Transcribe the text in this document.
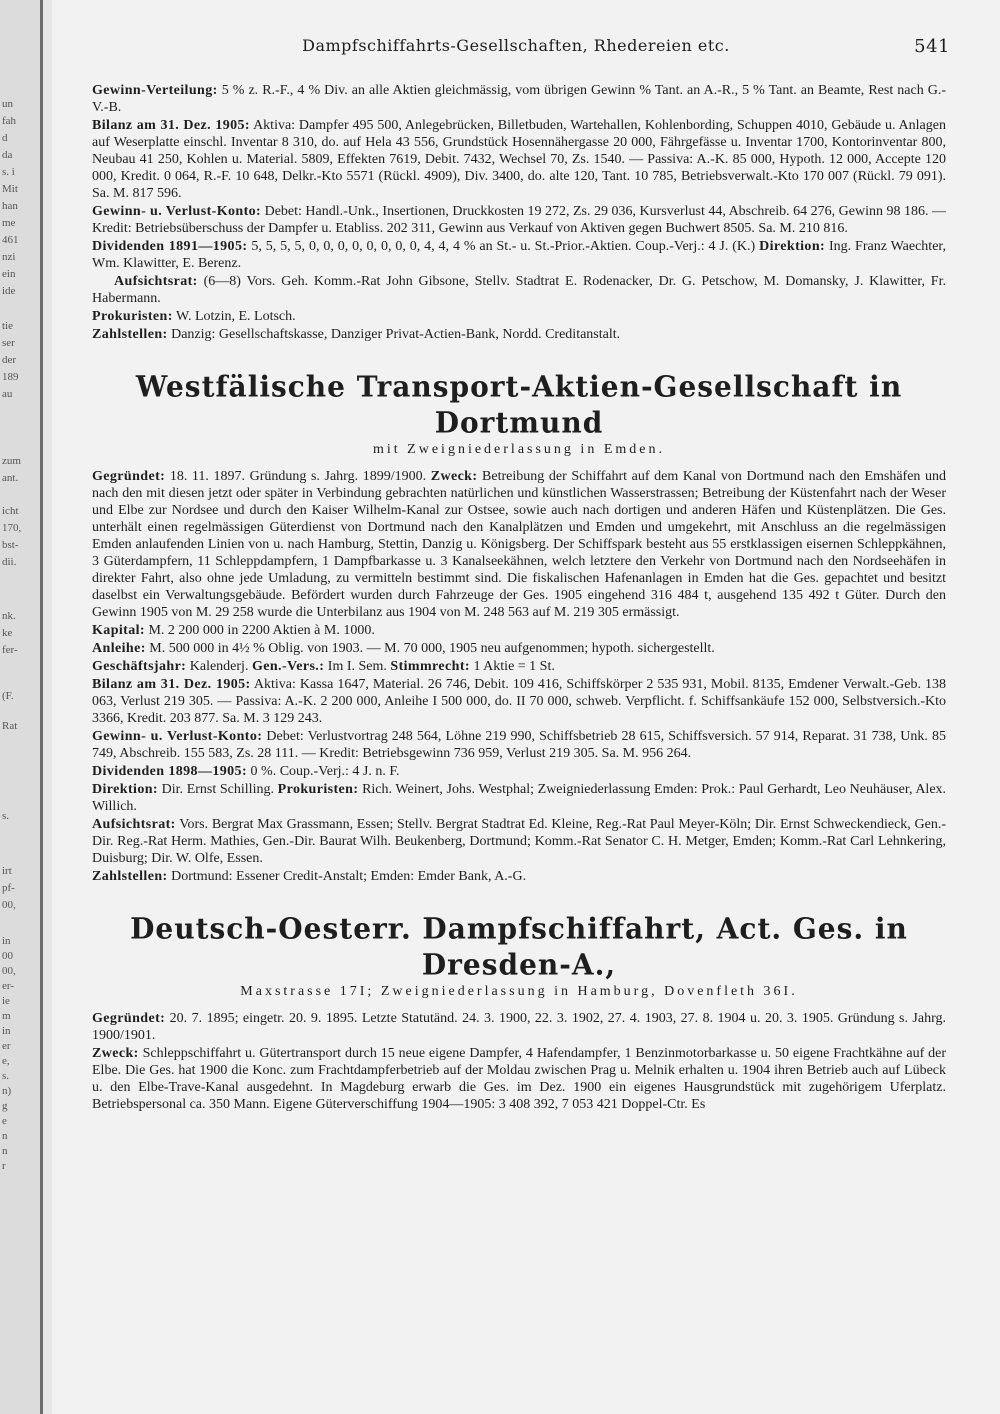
un
fah
d
da
s. i
Mit
han
me
461
nzi
ein
ide
tie
ser
der
189
au
zum
ant.
icht
170,
bst-
dii.
nk.
ke
fer-
(F.
Rat
s.
irt
pf-
00,
in
00
00,
er-
ie
m
in
er
e,
s.
n)
g
e
n
n
r
Dampfschiffahrts-Gesellschaften, Rhedereien etc.	541

Gewinn-Verteilung: 5 % z. R.-F., 4 % Div. an alle Aktien gleichmässig, vom übrigen Gewinn % Tant. an A.-R., 5 % Tant. an Beamte, Rest nach G.-V.-B.

Bilanz am 31. Dez. 1905: Aktiva: Dampfer 495 500, Anlegebrücken, Billetbuden, Wartehallen, Kohlenbording, Schuppen 4010, Gebäude u. Anlagen auf Weserplatte einschl. Inventar 8 310, do. auf Hela 43 556, Grundstück Hosennähergasse 20 000, Fährgefässe u. Inventar 1700, Kontorinventar 800, Neubau 41 250, Kohlen u. Material. 5809, Effekten 7619, Debit. 7432, Wechsel 70, Zs. 1540. — Passiva: A.-K. 85 000, Hypoth. 12 000, Accepte 120 000, Kredit. 0 064, R.-F. 10 648, Delkr.-Kto 5571 (Rückl. 4909), Div. 3400, do. alte 120, Tant. 10 785, Betriebsverwalt.-Kto 170 007 (Rückl. 79 091). Sa. M. 817 596.

Gewinn- u. Verlust-Konto: Debet: Handl.-Unk., Insertionen, Druckkosten 19 272, Zs. 29 036, Kursverlust 44, Abschreib. 64 276, Gewinn 98 186. — Kredit: Betriebsüberschuss der Dampfer u. Etabliss. 202 311, Gewinn aus Verkauf von Aktiven gegen Buchwert 8505. Sa. M. 210 816.

Dividenden 1891—1905: 5, 5, 5, 5, 0, 0, 0, 0, 0, 0, 0, 0, 4, 4, 4 % an St.- u. St.-Prior.-Aktien. Coup.-Verj.: 4 J. (K.) Direktion: Ing. Franz Waechter, Wm. Klawitter, E. Berenz.

Aufsichtsrat: (6—8) Vors. Geh. Komm.-Rat John Gibsone, Stellv. Stadtrat E. Rodenacker, Dr. G. Petschow, M. Domansky, J. Klawitter, Fr. Habermann.

Prokuristen: W. Lotzin, E. Lotsch.

Zahlstellen: Danzig: Gesellschaftskasse, Danziger Privat-Actien-Bank, Nordd. Creditanstalt.

Westfälische Transport-Aktien-Gesellschaft in Dortmund
mit Zweigniederlassung in Emden.

Gegründet: 18. 11. 1897. Gründung s. Jahrg. 1899/1900. Zweck: Betreibung der Schiffahrt auf dem Kanal von Dortmund nach den Emshäfen und nach den mit diesen jetzt oder später in Verbindung gebrachten natürlichen und künstlichen Wasserstrassen; Betreibung der Küstenfahrt nach der Weser und Elbe zur Nordsee und durch den Kaiser Wilhelm-Kanal zur Ostsee, sowie auch nach dortigen und anderen Häfen und Küstenplätzen. Die Ges. unterhält einen regelmässigen Güterdienst von Dortmund nach den Kanalplätzen und Emden und umgekehrt, mit Anschluss an die regelmässigen Emden anlaufenden Linien von u. nach Hamburg, Stettin, Danzig u. Königsberg. Der Schiffspark besteht aus 55 erstklassigen eisernen Schleppkähnen, 3 Güterdampfern, 11 Schleppdampfern, 1 Dampfbarkasse u. 3 Kanalseekähnen, welch letztere den Verkehr von Dortmund nach den Nordseehäfen in direkter Fahrt, also ohne jede Umladung, zu vermitteln bestimmt sind. Die fiskalischen Hafenanlagen in Emden hat die Ges. gepachtet und besitzt daselbst ein Verwaltungsgebäude. Befördert wurden durch Fahrzeuge der Ges. 1905 eingehend 316 484 t, ausgehend 135 492 t Güter. Durch den Gewinn 1905 von M. 29 258 wurde die Unterbilanz aus 1904 von M. 248 563 auf M. 219 305 ermässigt.

Kapital: M. 2 200 000 in 2200 Aktien à M. 1000.

Anleihe: M. 500 000 in 4½ % Oblig. von 1903. — M. 70 000, 1905 neu aufgenommen; hypoth. sichergestellt.

Geschäftsjahr: Kalenderj. Gen.-Vers.: Im I. Sem. Stimmrecht: 1 Aktie = 1 St.

Bilanz am 31. Dez. 1905: Aktiva: Kassa 1647, Material. 26 746, Debit. 109 416, Schiffskörper 2 535 931, Mobil. 8135, Emdener Verwalt.-Geb. 138 063, Verlust 219 305. — Passiva: A.-K. 2 200 000, Anleihe I 500 000, do. II 70 000, schweb. Verpflicht. f. Schiffsankäufe 152 000, Selbstversich.-Kto 3366, Kredit. 203 877. Sa. M. 3 129 243.

Gewinn- u. Verlust-Konto: Debet: Verlustvortrag 248 564, Löhne 219 990, Schiffsbetrieb 28 615, Schiffsversich. 57 914, Reparat. 31 738, Unk. 85 749, Abschreib. 155 583, Zs. 28 111. — Kredit: Betriebsgewinn 736 959, Verlust 219 305. Sa. M. 956 264.

Dividenden 1898—1905: 0 %. Coup.-Verj.: 4 J. n. F.

Direktion: Dir. Ernst Schilling. Prokuristen: Rich. Weinert, Johs. Westphal; Zweigniederlassung Emden: Prok.: Paul Gerhardt, Leo Neuhäuser, Alex. Willich.

Aufsichtsrat: Vors. Bergrat Max Grassmann, Essen; Stellv. Bergrat Stadtrat Ed. Kleine, Reg.-Rat Paul Meyer-Köln; Dir. Ernst Schweckendieck, Gen.-Dir. Reg.-Rat Herm. Mathies, Gen.-Dir. Baurat Wilh. Beukenberg, Dortmund; Komm.-Rat Senator C. H. Metger, Emden; Komm.-Rat Carl Lehnkering, Duisburg; Dir. W. Olfe, Essen.

Zahlstellen: Dortmund: Essener Credit-Anstalt; Emden: Emder Bank, A.-G.

Deutsch-Oesterr. Dampfschiffahrt, Act. Ges. in Dresden-A.,
Maxstrasse 17I; Zweigniederlassung in Hamburg, Dovenfleth 36I.

Gegründet: 20. 7. 1895; eingetr. 20. 9. 1895. Letzte Statutänd. 24. 3. 1900, 22. 3. 1902, 27. 4. 1903, 27. 8. 1904 u. 20. 3. 1905. Gründung s. Jahrg. 1900/1901.

Zweck: Schleppschiffahrt u. Gütertransport durch 15 neue eigene Dampfer, 4 Hafendampfer, 1 Benzinmotorbarkasse u. 50 eigene Frachtkähne auf der Elbe. Die Ges. hat 1900 die Konc. zum Frachtdampferbetrieb auf der Moldau zwischen Prag u. Melnik erhalten u. 1904 ihren Betrieb auch auf Lübeck u. den Elbe-Trave-Kanal ausgedehnt. In Magdeburg erwarb die Ges. im Dez. 1900 ein eigenes Hausgrundstück mit zugehörigem Uferplatz. Betriebspersonal ca. 350 Mann. Eigene Güterverschiffung 1904—1905: 3 408 392, 7 053 421 Doppel-Ctr. Es
